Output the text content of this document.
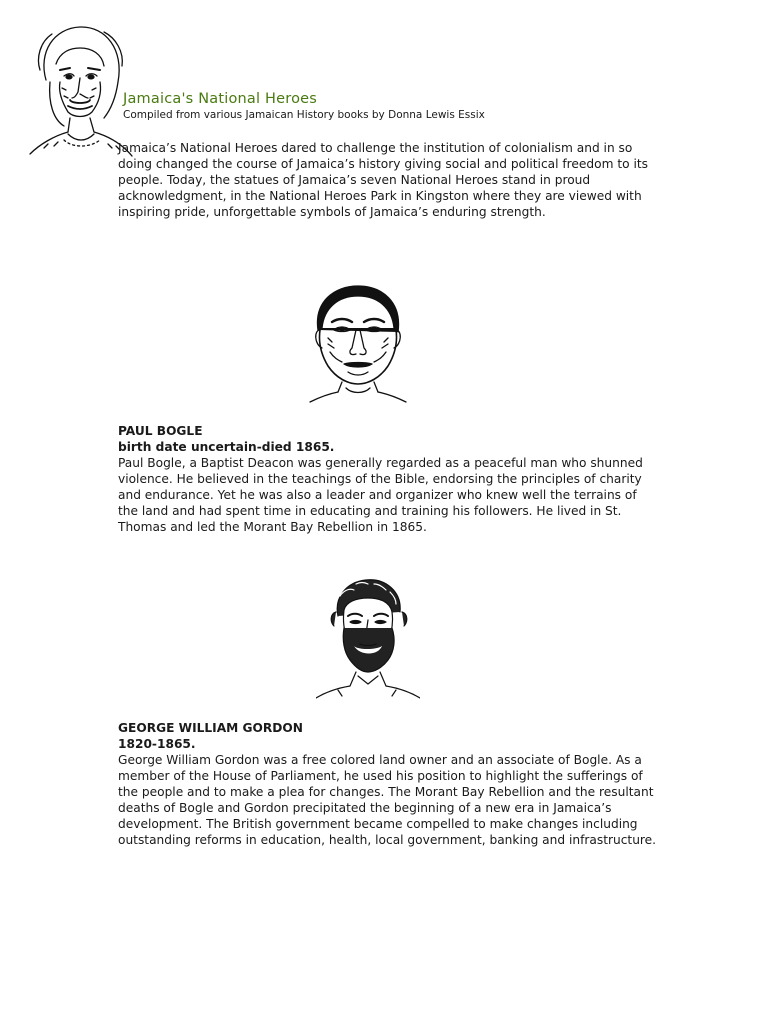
Jamaica's National Heroes
Compiled from various Jamaican History books by Donna Lewis Essix
Jamaica’s National Heroes dared to challenge the institution of colonialism and in so doing changed the course of Jamaica’s history giving social and political freedom to its people. Today, the statues of Jamaica’s seven National Heroes stand in proud acknowledgment, in the National Heroes Park in Kingston where they are viewed with inspiring pride, unforgettable symbols of Jamaica’s enduring strength.
PAUL BOGLE
birth date uncertain-died 1865.
Paul Bogle, a Baptist Deacon was generally regarded as a peaceful man who shunned violence. He believed in the teachings of the Bible, endorsing the principles of charity and endurance. Yet he was also a leader and organizer who knew well the terrains of the land and had spent time in educating and training his followers. He lived in St. Thomas and led the Morant Bay Rebellion in 1865.
GEORGE WILLIAM GORDON
1820-1865.
George William Gordon was a free colored land owner and an associate of Bogle. As a member of the House of Parliament, he used his position to highlight the sufferings of the people and to make a plea for changes. The Morant Bay Rebellion and the resultant deaths of Bogle and Gordon precipitated the beginning of a new era in Jamaica’s development. The British government became compelled to make changes including outstanding reforms in education, health, local government, banking and infrastructure.
